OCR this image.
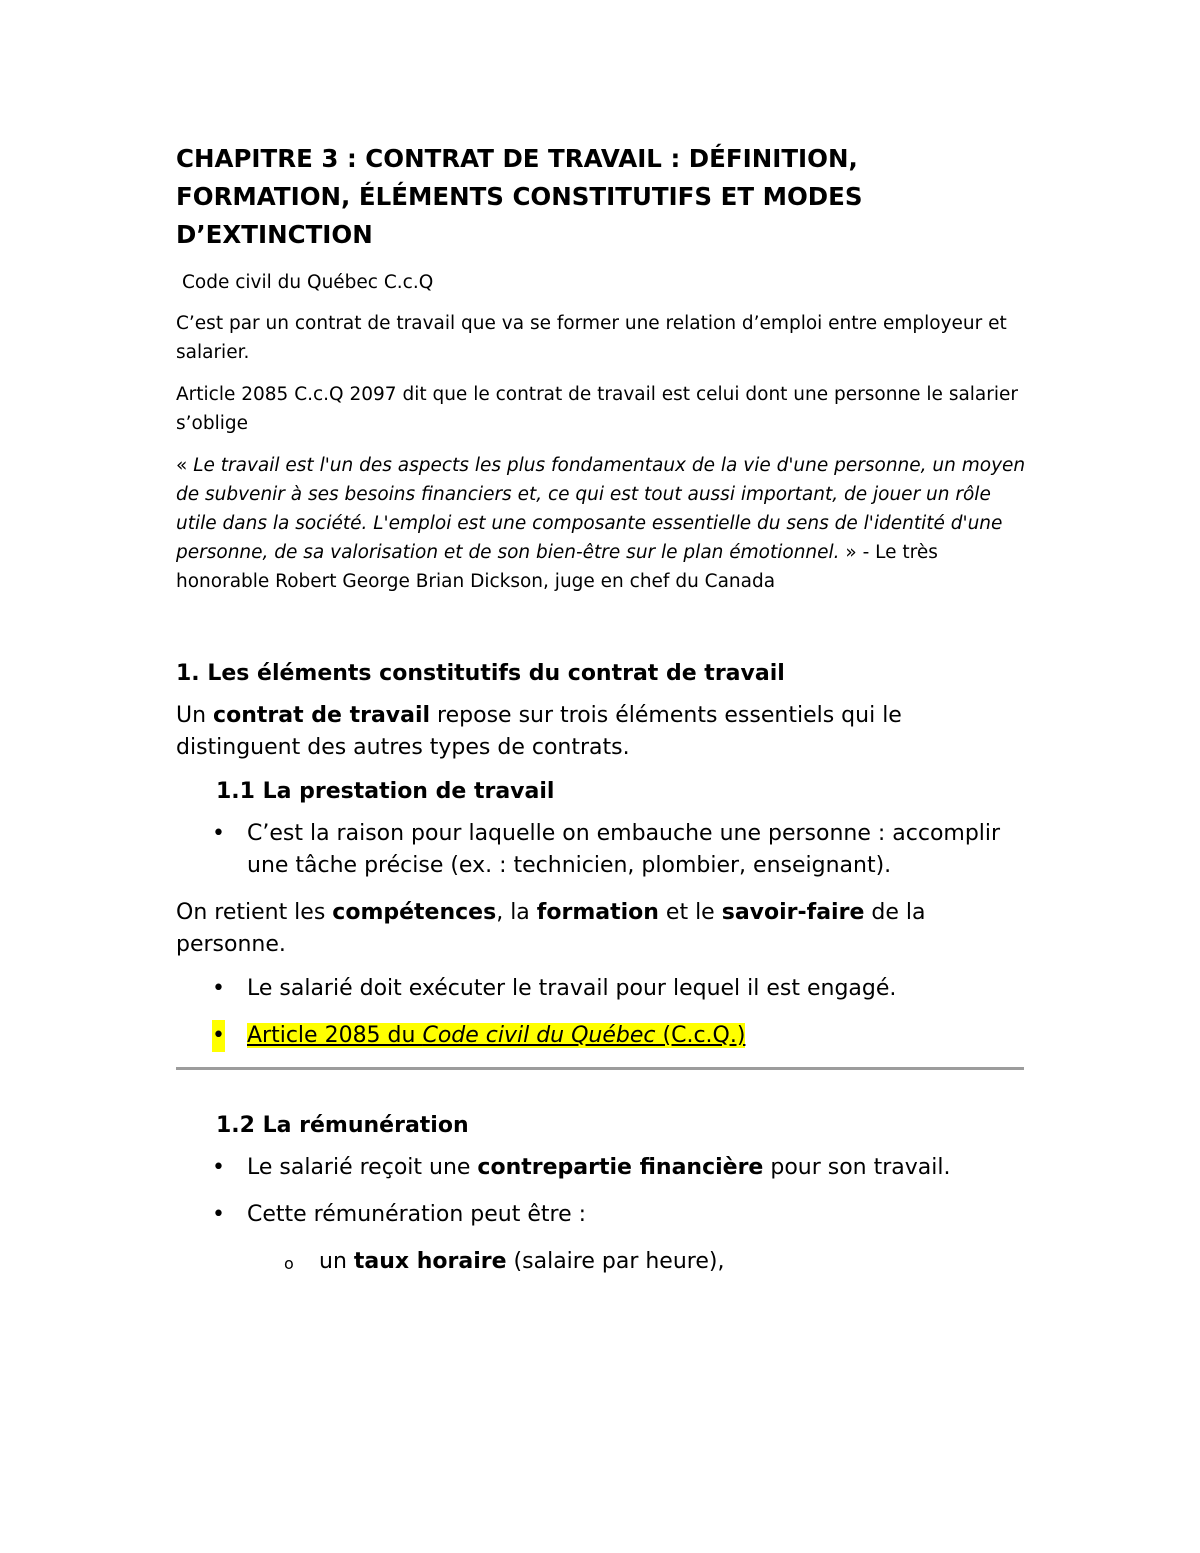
CHAPITRE 3 : CONTRAT DE TRAVAIL : DÉFINITION, FORMATION, ÉLÉMENTS CONSTITUTIFS ET MODES D’EXTINCTION

Code civil du Québec C.c.Q

C’est par un contrat de travail que va se former une relation d’emploi entre employeur et salarier.

Article 2085 C.c.Q 2097 dit que le contrat de travail est celui dont une personne le salarier s’oblige

« Le travail est l'un des aspects les plus fondamentaux de la vie d'une personne, un moyen de subvenir à ses besoins financiers et, ce qui est tout aussi important, de jouer un rôle utile dans la société. L'emploi est une composante essentielle du sens de l'identité d'une personne, de sa valorisation et de son bien-être sur le plan émotionnel. » - Le très honorable Robert George Brian Dickson, juge en chef du Canada

1. Les éléments constitutifs du contrat de travail

Un contrat de travail repose sur trois éléments essentiels qui le distinguent des autres types de contrats.

1.1 La prestation de travail
• C’est la raison pour laquelle on embauche une personne : accomplir une tâche précise (ex. : technicien, plombier, enseignant).

On retient les compétences, la formation et le savoir-faire de la personne.

• Le salarié doit exécuter le travail pour lequel il est engagé.
• Article 2085 du Code civil du Québec (C.c.Q.)
1.2 La rémunération
• Le salarié reçoit une contrepartie financière pour son travail.
• Cette rémunération peut être :
o un taux horaire (salaire par heure),
